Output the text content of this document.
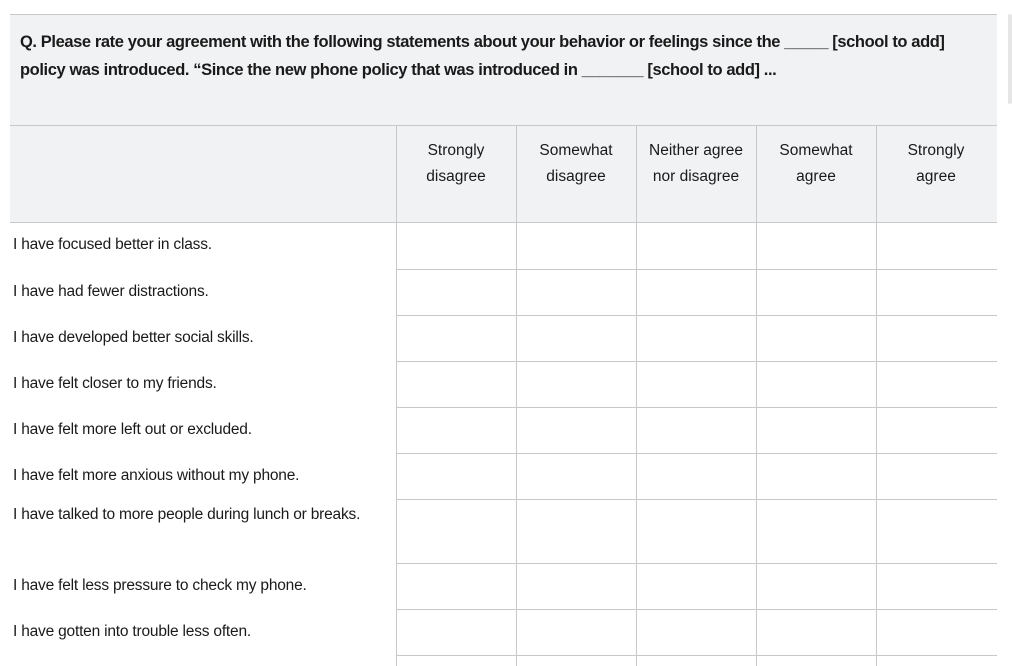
Q. Please rate your agreement with the following statements about your behavior or feelings since the _____ [school to add] policy was introduced. “Since the new phone policy that was introduced in _______ [school to add] ...

Strongly disagree
Somewhat disagree
Neither agree nor disagree
Somewhat agree
Strongly agree
I have focused better in class.
I have had fewer distractions.
I have developed better social skills.
I have felt closer to my friends.
I have felt more left out or excluded.
I have felt more anxious without my phone.
I have talked to more people during lunch or breaks.
I have felt less pressure to check my phone.
I have gotten into trouble less often.
